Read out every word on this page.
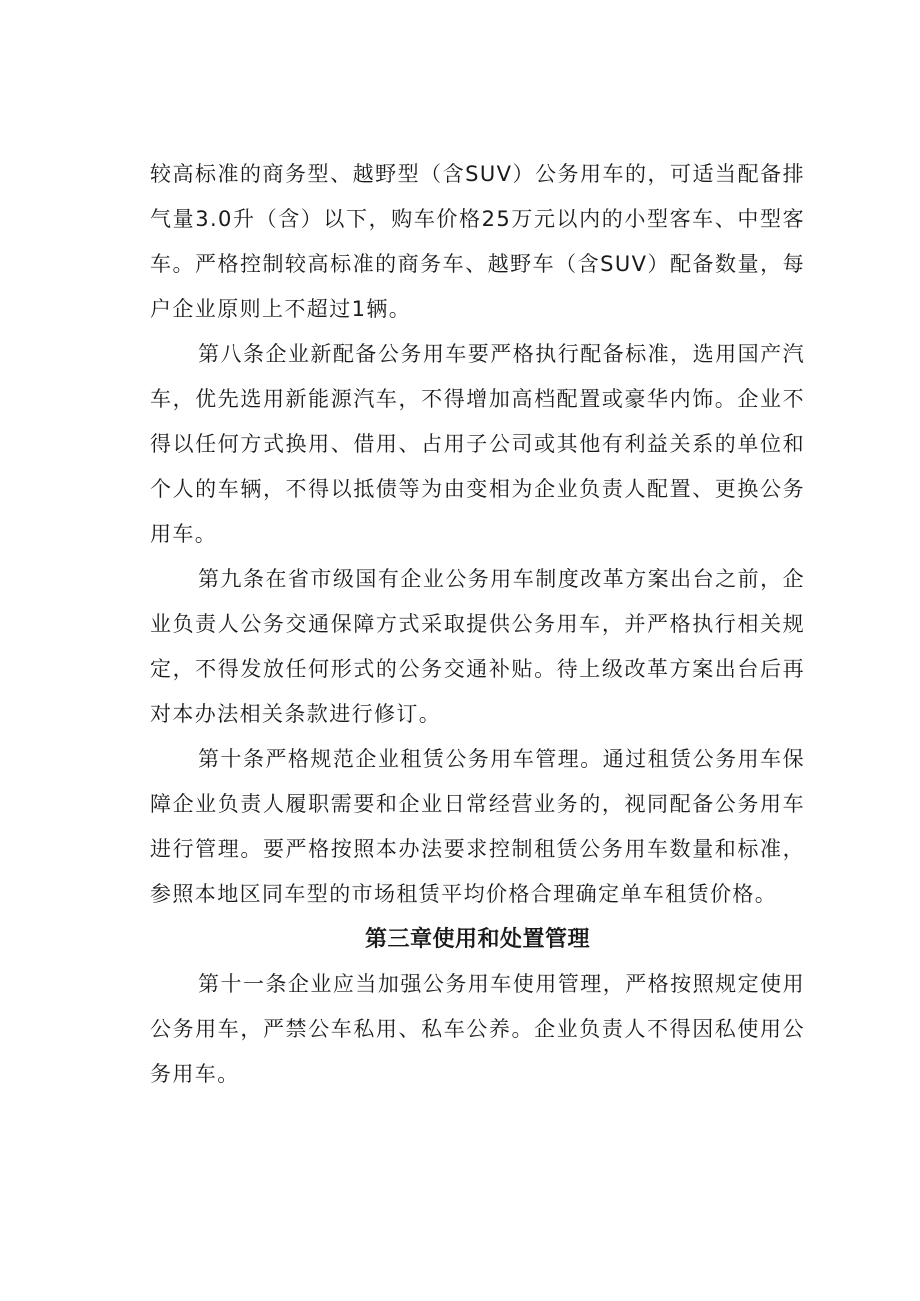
较高标准的商务型、越野型（含SUV）公务用车的，可适当配备排气量3.0升（含）以下，购车价格25万元以内的小型客车、中型客车。严格控制较高标准的商务车、越野车（含SUV）配备数量，每户企业原则上不超过1辆。

第八条企业新配备公务用车要严格执行配备标准，选用国产汽车，优先选用新能源汽车，不得增加高档配置或豪华内饰。企业不得以任何方式换用、借用、占用子公司或其他有利益关系的单位和个人的车辆，不得以抵债等为由变相为企业负责人配置、更换公务用车。

第九条在省市级国有企业公务用车制度改革方案出台之前，企业负责人公务交通保障方式采取提供公务用车，并严格执行相关规定，不得发放任何形式的公务交通补贴。待上级改革方案出台后再对本办法相关条款进行修订。

第十条严格规范企业租赁公务用车管理。通过租赁公务用车保障企业负责人履职需要和企业日常经营业务的，视同配备公务用车进行管理。要严格按照本办法要求控制租赁公务用车数量和标准，参照本地区同车型的市场租赁平均价格合理确定单车租赁价格。

第三章使用和处置管理

第十一条企业应当加强公务用车使用管理，严格按照规定使用公务用车，严禁公车私用、私车公养。企业负责人不得因私使用公务用车。
